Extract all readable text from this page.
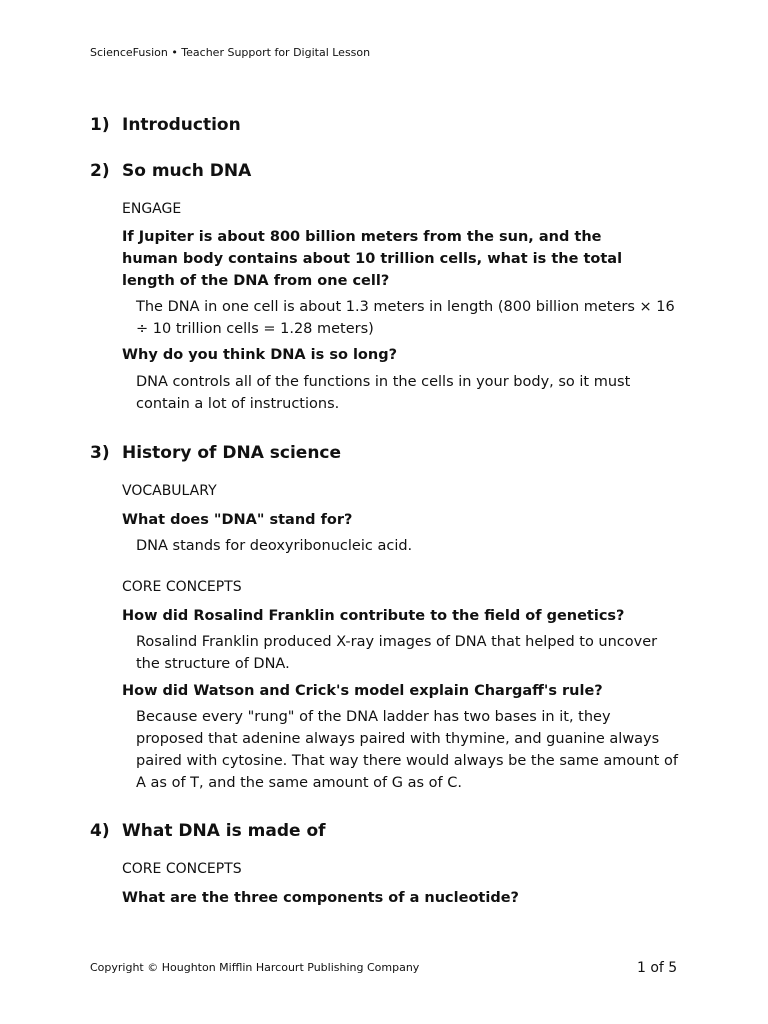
ScienceFusion • Teacher Support for Digital Lesson
1) Introduction
2) So much DNA
ENGAGE
If Jupiter is about 800 billion meters from the sun, and the human body contains about 10 trillion cells, what is the total length of the DNA from one cell?
The DNA in one cell is about 1.3 meters in length (800 billion meters × 16 ÷ 10 trillion cells = 1.28 meters)
Why do you think DNA is so long?
DNA controls all of the functions in the cells in your body, so it must contain a lot of instructions.
3) History of DNA science
VOCABULARY
What does "DNA" stand for?
DNA stands for deoxyribonucleic acid.
CORE CONCEPTS
How did Rosalind Franklin contribute to the field of genetics?
Rosalind Franklin produced X-ray images of DNA that helped to uncover the structure of DNA.
How did Watson and Crick's model explain Chargaff's rule?
Because every "rung" of the DNA ladder has two bases in it, they proposed that adenine always paired with thymine, and guanine always paired with cytosine. That way there would always be the same amount of A as of T, and the same amount of G as of C.
4) What DNA is made of
CORE CONCEPTS
What are the three components of a nucleotide?
Copyright © Houghton Mifflin Harcourt Publishing Company	1 of 5
